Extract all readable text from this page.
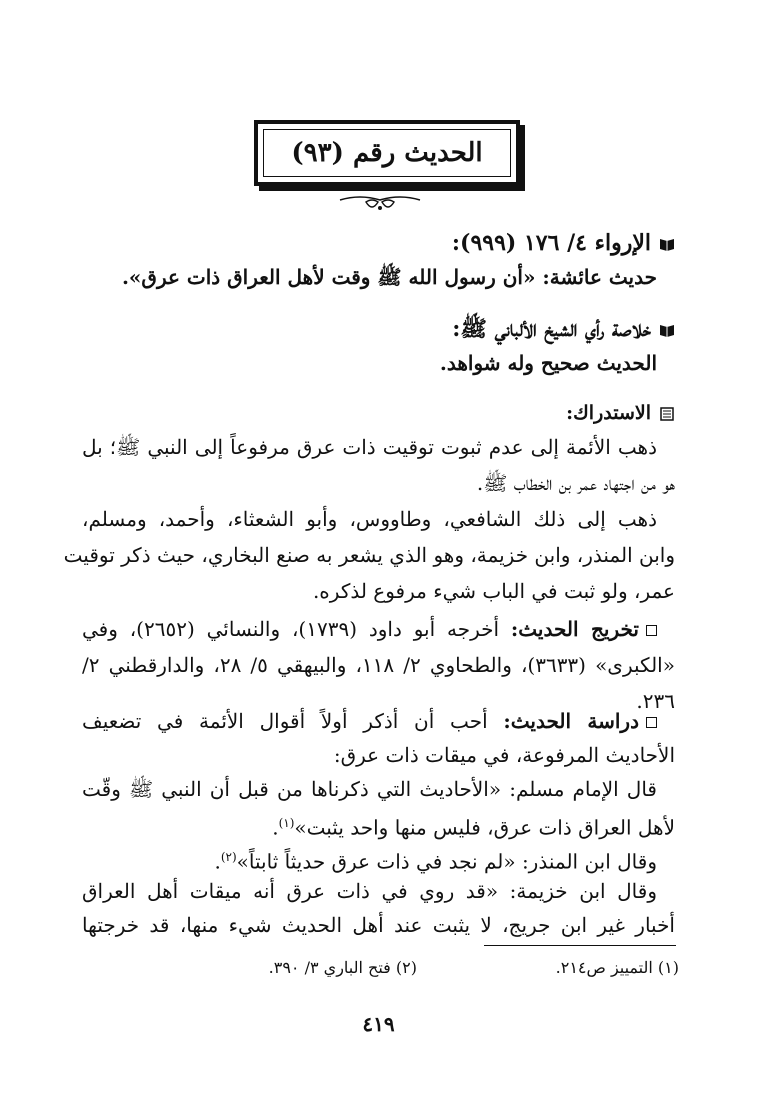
الحديث رقم (٩٣)
الإرواء ٤/ ١٧٦ (٩٩٩):
حديث عائشة: «أن رسول الله ﷺ وقت لأهل العراق ذات عرق».
خلاصة رأي الشيخ الألباني ﷺ:
الحديث صحيح وله شواهد.
الاستدراك:
ذهب الأئمة إلى عدم ثبوت توقيت ذات عرق مرفوعاً إلى النبي ﷺ؛ بل
هو من اجتهاد عمر بن الخطاب ﷺ.
ذهب إلى ذلك الشافعي، وطاووس، وأبو الشعثاء، وأحمد، ومسلم،
وابن المنذر، وابن خزيمة، وهو الذي يشعر به صنع البخاري، حيث ذكر توقيت
عمر، ولو ثبت في الباب شيء مرفوع لذكره.
تخريج الحديث: أخرجه أبو داود (١٧٣٩)، والنسائي (٢٦٥٢)، وفي
«الكبرى» (٣٦٣٣)، والطحاوي ٢/ ١١٨، والبيهقي ٥/ ٢٨، والدارقطني ٢/
٢٣٦.
دراسة الحديث: أحب أن أذكر أولاً أقوال الأئمة في تضعيف
الأحاديث المرفوعة، في ميقات ذات عرق:
قال الإمام مسلم: «الأحاديث التي ذكرناها من قبل أن النبي ﷺ وقّت
لأهل العراق ذات عرق، فليس منها واحد يثبت»$^{(١)}$.
وقال ابن المنذر: «لم نجد في ذات عرق حديثاً ثابتاً»$^{(٢)}$.
وقال ابن خزيمة: «قد روي في ذات عرق أنه ميقات أهل العراق
أخبار غير ابن جريج، لا يثبت عند أهل الحديث شيء منها، قد خرجتها
(١) التمييز ص٢١٤.
(٢) فتح الباري ٣/ ٣٩٠.
٤١٩
